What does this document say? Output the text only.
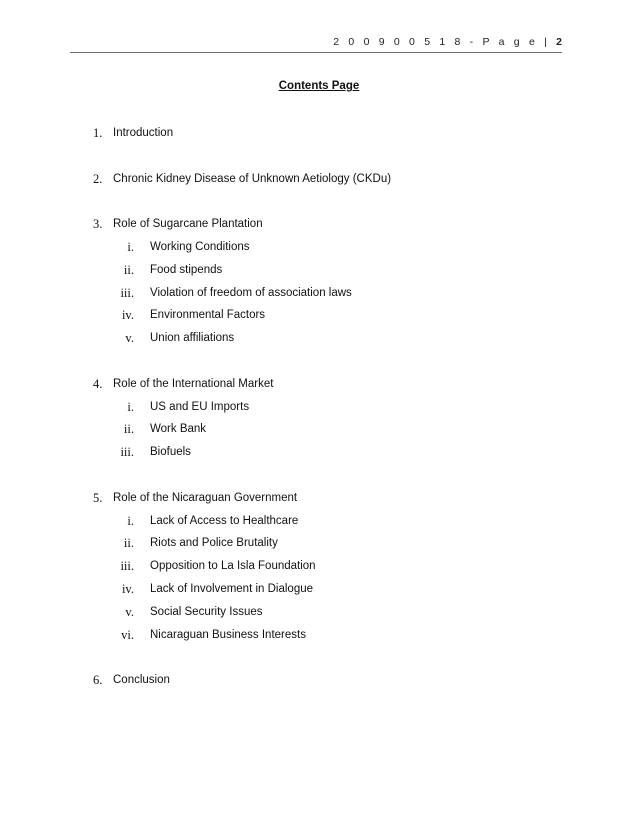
2 0 0 9 0 0 5 1 8 - P a g e | 2
Contents Page
1. Introduction
2. Chronic Kidney Disease of Unknown Aetiology (CKDu)
3. Role of Sugarcane Plantation
i. Working Conditions
ii. Food stipends
iii. Violation of freedom of association laws
iv. Environmental Factors
v. Union affiliations
4. Role of the International Market
i. US and EU Imports
ii. Work Bank
iii. Biofuels
5. Role of the Nicaraguan Government
i. Lack of Access to Healthcare
ii. Riots and Police Brutality
iii. Opposition to La Isla Foundation
iv. Lack of Involvement in Dialogue
v. Social Security Issues
vi. Nicaraguan Business Interests
6. Conclusion
